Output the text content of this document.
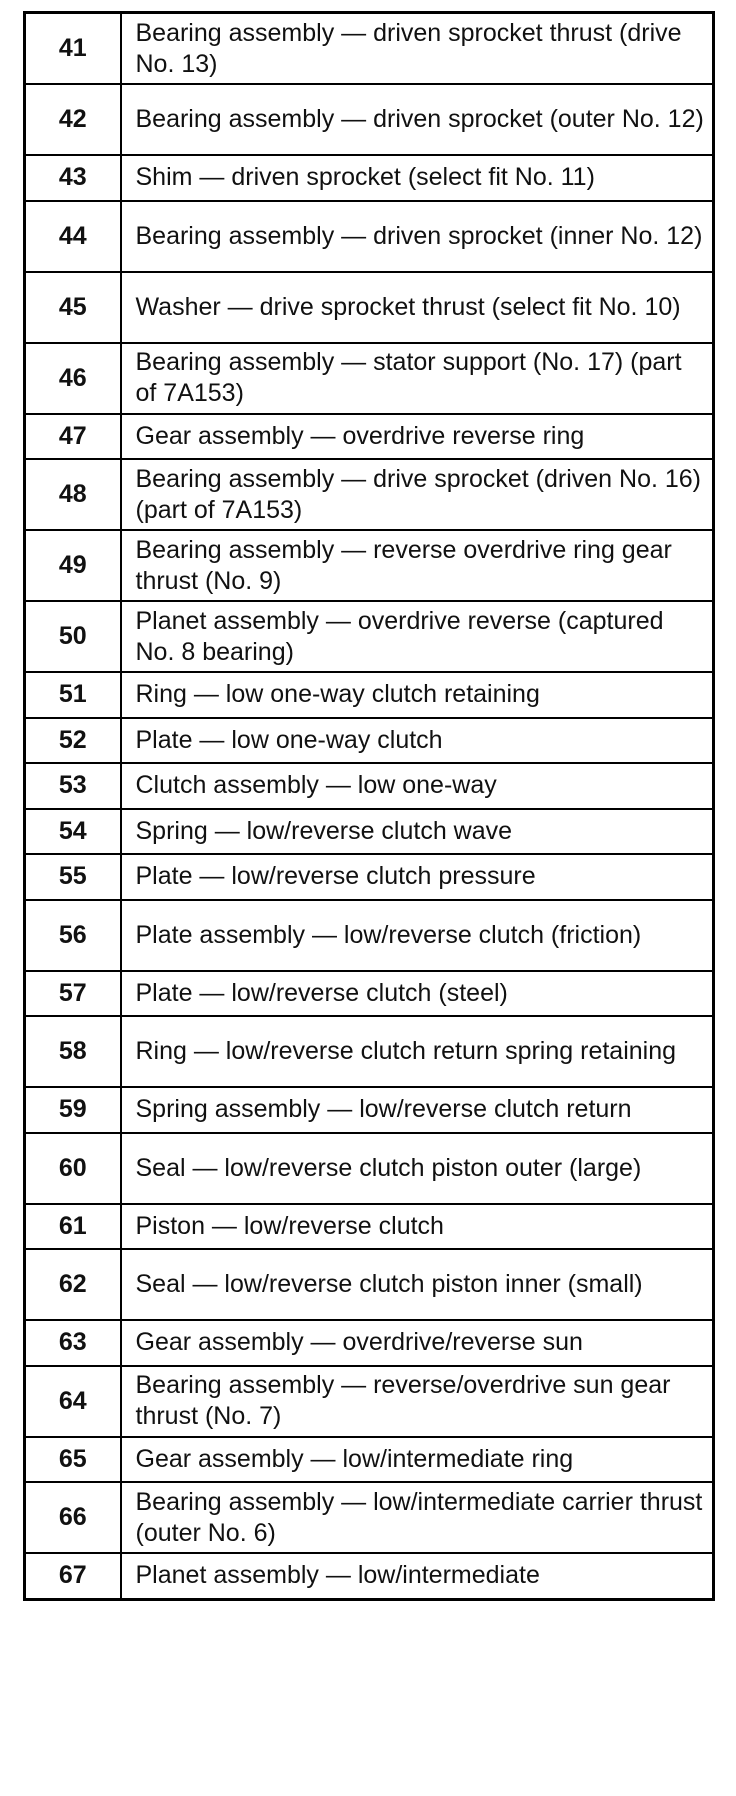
41	Bearing assembly — driven sprocket thrust (drive No. 13)
42	Bearing assembly — driven sprocket (outer No. 12)
43	Shim — driven sprocket (select fit No. 11)
44	Bearing assembly — driven sprocket (inner No. 12)
45	Washer — drive sprocket thrust (select fit No. 10)
46	Bearing assembly — stator support (No. 17) (part of 7A153)
47	Gear assembly — overdrive reverse ring
48	Bearing assembly — drive sprocket (driven No. 16) (part of 7A153)
49	Bearing assembly — reverse overdrive ring gear thrust (No. 9)
50	Planet assembly — overdrive reverse (captured No. 8 bearing)
51	Ring — low one-way clutch retaining
52	Plate — low one-way clutch
53	Clutch assembly — low one-way
54	Spring — low/reverse clutch wave
55	Plate — low/reverse clutch pressure
56	Plate assembly — low/reverse clutch (friction)
57	Plate — low/reverse clutch (steel)
58	Ring — low/reverse clutch return spring retaining
59	Spring assembly — low/reverse clutch return
60	Seal — low/reverse clutch piston outer (large)
61	Piston — low/reverse clutch
62	Seal — low/reverse clutch piston inner (small)
63	Gear assembly — overdrive/reverse sun
64	Bearing assembly — reverse/overdrive sun gear thrust (No. 7)
65	Gear assembly — low/intermediate ring
66	Bearing assembly — low/intermediate carrier thrust (outer No. 6)
67	Planet assembly — low/intermediate
